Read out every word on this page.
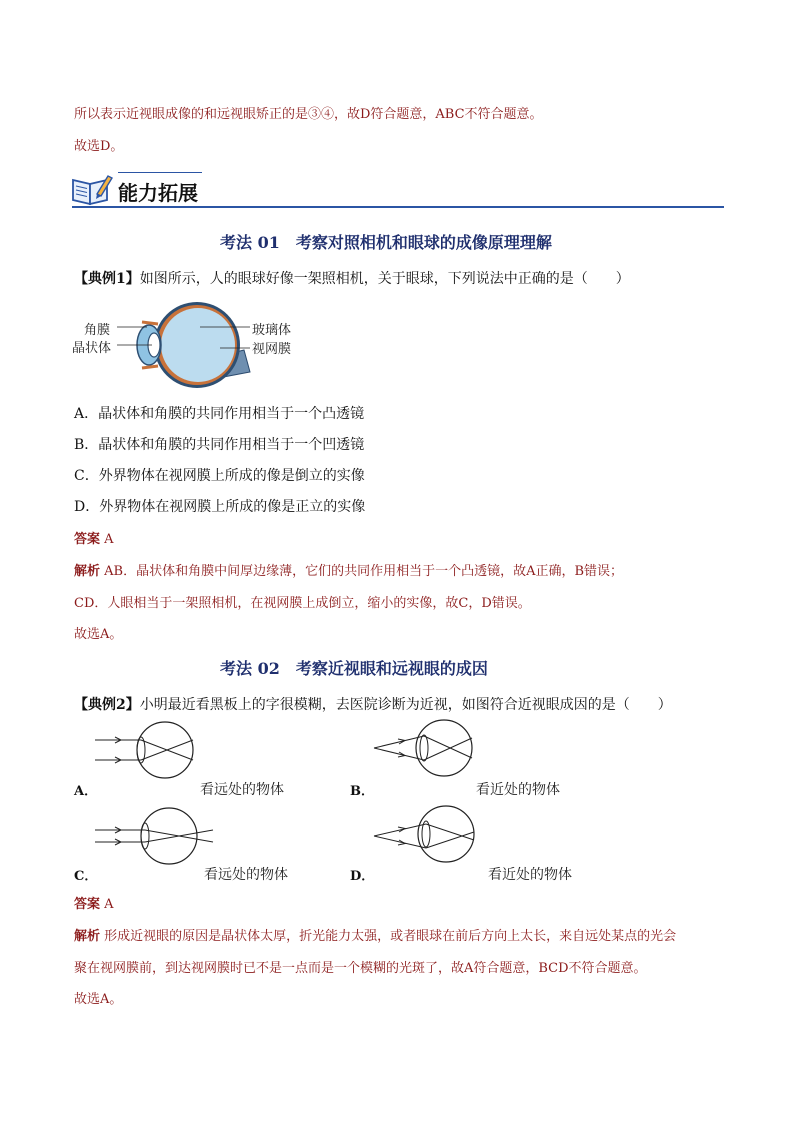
所以表示近视眼成像的和远视眼矫正的是③④，故D符合题意，ABC不符合题意。
故选D。
能力拓展
考法 01　考察对照相机和眼球的成像原理理解
【典例1】如图所示，人的眼球好像一架照相机，关于眼球，下列说法中正确的是（　　）
角膜
晶状体
玻璃体
视网膜
A．晶状体和角膜的共同作用相当于一个凸透镜
B．晶状体和角膜的共同作用相当于一个凹透镜
C．外界物体在视网膜上所成的像是倒立的实像
D．外界物体在视网膜上所成的像是正立的实像
答案 A
解析 AB．晶状体和角膜中间厚边缘薄，它们的共同作用相当于一个凸透镜，故A正确，B错误；
CD．人眼相当于一架照相机，在视网膜上成倒立，缩小的实像，故C，D错误。
故选A。
考法 02　考察近视眼和远视眼的成因
【典例2】小明最近看黑板上的字很模糊，去医院诊断为近视，如图符合近视眼成因的是（　　）
A．	看远处的物体	B．	看近处的物体
C．	看远处的物体	D．	看近处的物体
答案 A
解析 形成近视眼的原因是晶状体太厚，折光能力太强，或者眼球在前后方向上太长，来自远处某点的光会
聚在视网膜前，到达视网膜时已不是一点而是一个模糊的光斑了，故A符合题意，BCD不符合题意。
故选A。
